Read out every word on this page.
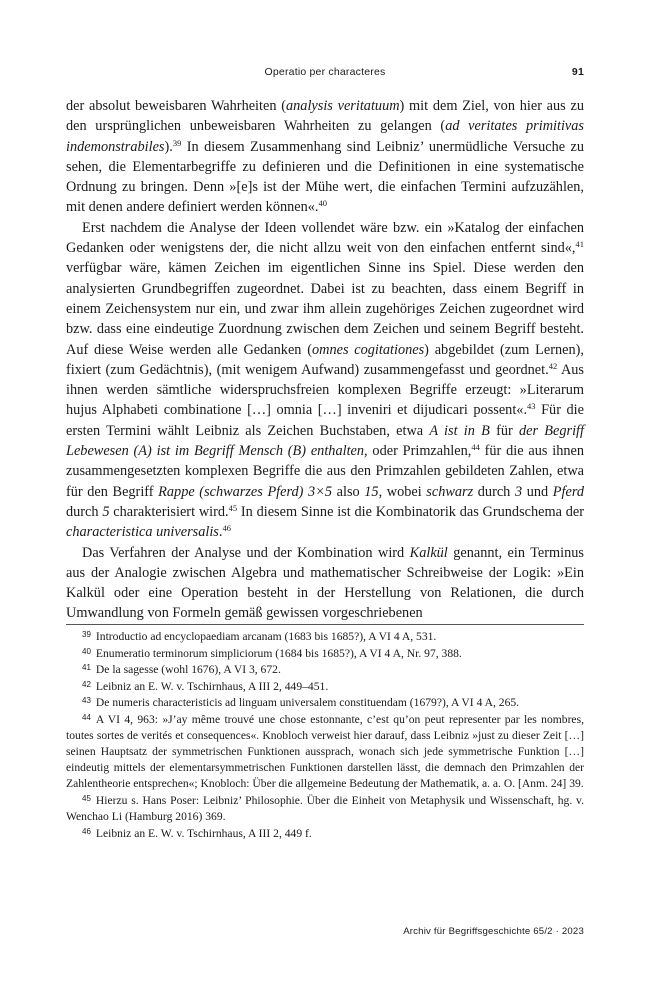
Operatio per characteres	91

der absolut beweisbaren Wahrheiten (analysis veritatuum) mit dem Ziel, von hier aus zu den ursprünglichen unbeweisbaren Wahrheiten zu gelangen (ad veritates primitivas indemonstrabiles).$^{39}$ In diesem Zusammenhang sind Leibniz’ unermüdliche Versuche zu sehen, die Elementarbegriffe zu definieren und die Definitionen in eine systematische Ordnung zu bringen. Denn »[e]s ist der Mühe wert, die einfachen Termini aufzuzählen, mit denen andere definiert werden können«.$^{40}$

Erst nachdem die Analyse der Ideen vollendet wäre bzw. ein »Katalog der einfachen Gedanken oder wenigstens der, die nicht allzu weit von den einfachen entfernt sind«,$^{41}$ verfügbar wäre, kämen Zeichen im eigentlichen Sinne ins Spiel. Diese werden den analysierten Grundbegriffen zugeordnet. Dabei ist zu beachten, dass einem Begriff in einem Zeichensystem nur ein, und zwar ihm allein zugehöriges Zeichen zugeordnet wird bzw. dass eine eindeutige Zuordnung zwischen dem Zeichen und seinem Begriff besteht. Auf diese Weise werden alle Gedanken (omnes cogitationes) abgebildet (zum Lernen), fixiert (zum Gedächtnis), (mit wenigem Aufwand) zusammengefasst und geordnet.$^{42}$ Aus ihnen werden sämtliche widerspruchsfreien komplexen Begriffe erzeugt: »Literarum hujus Alphabeti combinatione […] omnia […] inveniri et dijudicari possent«.$^{43}$ Für die ersten Termini wählt Leibniz als Zeichen Buchstaben, etwa A ist in B für der Begriff Lebewesen (A) ist im Begriff Mensch (B) enthalten, oder Primzahlen,$^{44}$ für die aus ihnen zusammengesetzten komplexen Begriffe die aus den Primzahlen gebildeten Zahlen, etwa für den Begriff Rappe (schwarzes Pferd) 3×5 also 15, wobei schwarz durch 3 und Pferd durch 5 charakterisiert wird.$^{45}$ In diesem Sinne ist die Kombinatorik das Grundschema der characteristica universalis.$^{46}$

Das Verfahren der Analyse und der Kombination wird Kalkül genannt, ein Terminus aus der Analogie zwischen Algebra und mathematischer Schreibweise der Logik: »Ein Kalkül oder eine Operation besteht in der Herstellung von Relationen, die durch Umwandlung von Formeln gemäß gewissen vorgeschriebenen

$^{39}$ Introductio ad encyclopaediam arcanam (1683 bis 1685?), A VI 4 A, 531.

$^{40}$ Enumeratio terminorum simpliciorum (1684 bis 1685?), A VI 4 A, Nr. 97, 388.

$^{41}$ De la sagesse (wohl 1676), A VI 3, 672.

$^{42}$ Leibniz an E. W. v. Tschirnhaus, A III 2, 449–451.

$^{43}$ De numeris characteristicis ad linguam universalem constituendam (1679?), A VI 4 A, 265.

$^{44}$ A VI 4, 963: »J’ay même trouvé une chose estonnante, c’est qu’on peut representer par les nombres, toutes sortes de verités et consequences«. Knobloch verweist hier darauf, dass Leibniz »just zu dieser Zeit […] seinen Hauptsatz der symmetrischen Funktionen aussprach, wonach sich jede symmetrische Funktion […] eindeutig mittels der elementarsymmetrischen Funktionen darstellen lässt, die demnach den Primzahlen der Zahlentheorie entsprechen«; Knobloch: Über die allgemeine Bedeutung der Mathematik, a. a. O. [Anm. 24] 39.

$^{45}$ Hierzu s. Hans Poser: Leibniz’ Philosophie. Über die Einheit von Metaphysik und Wissenschaft, hg. v. Wenchao Li (Hamburg 2016) 369.

$^{46}$ Leibniz an E. W. v. Tschirnhaus, A III 2, 449 f.

Archiv für Begriffsgeschichte 65/2 · 2023
